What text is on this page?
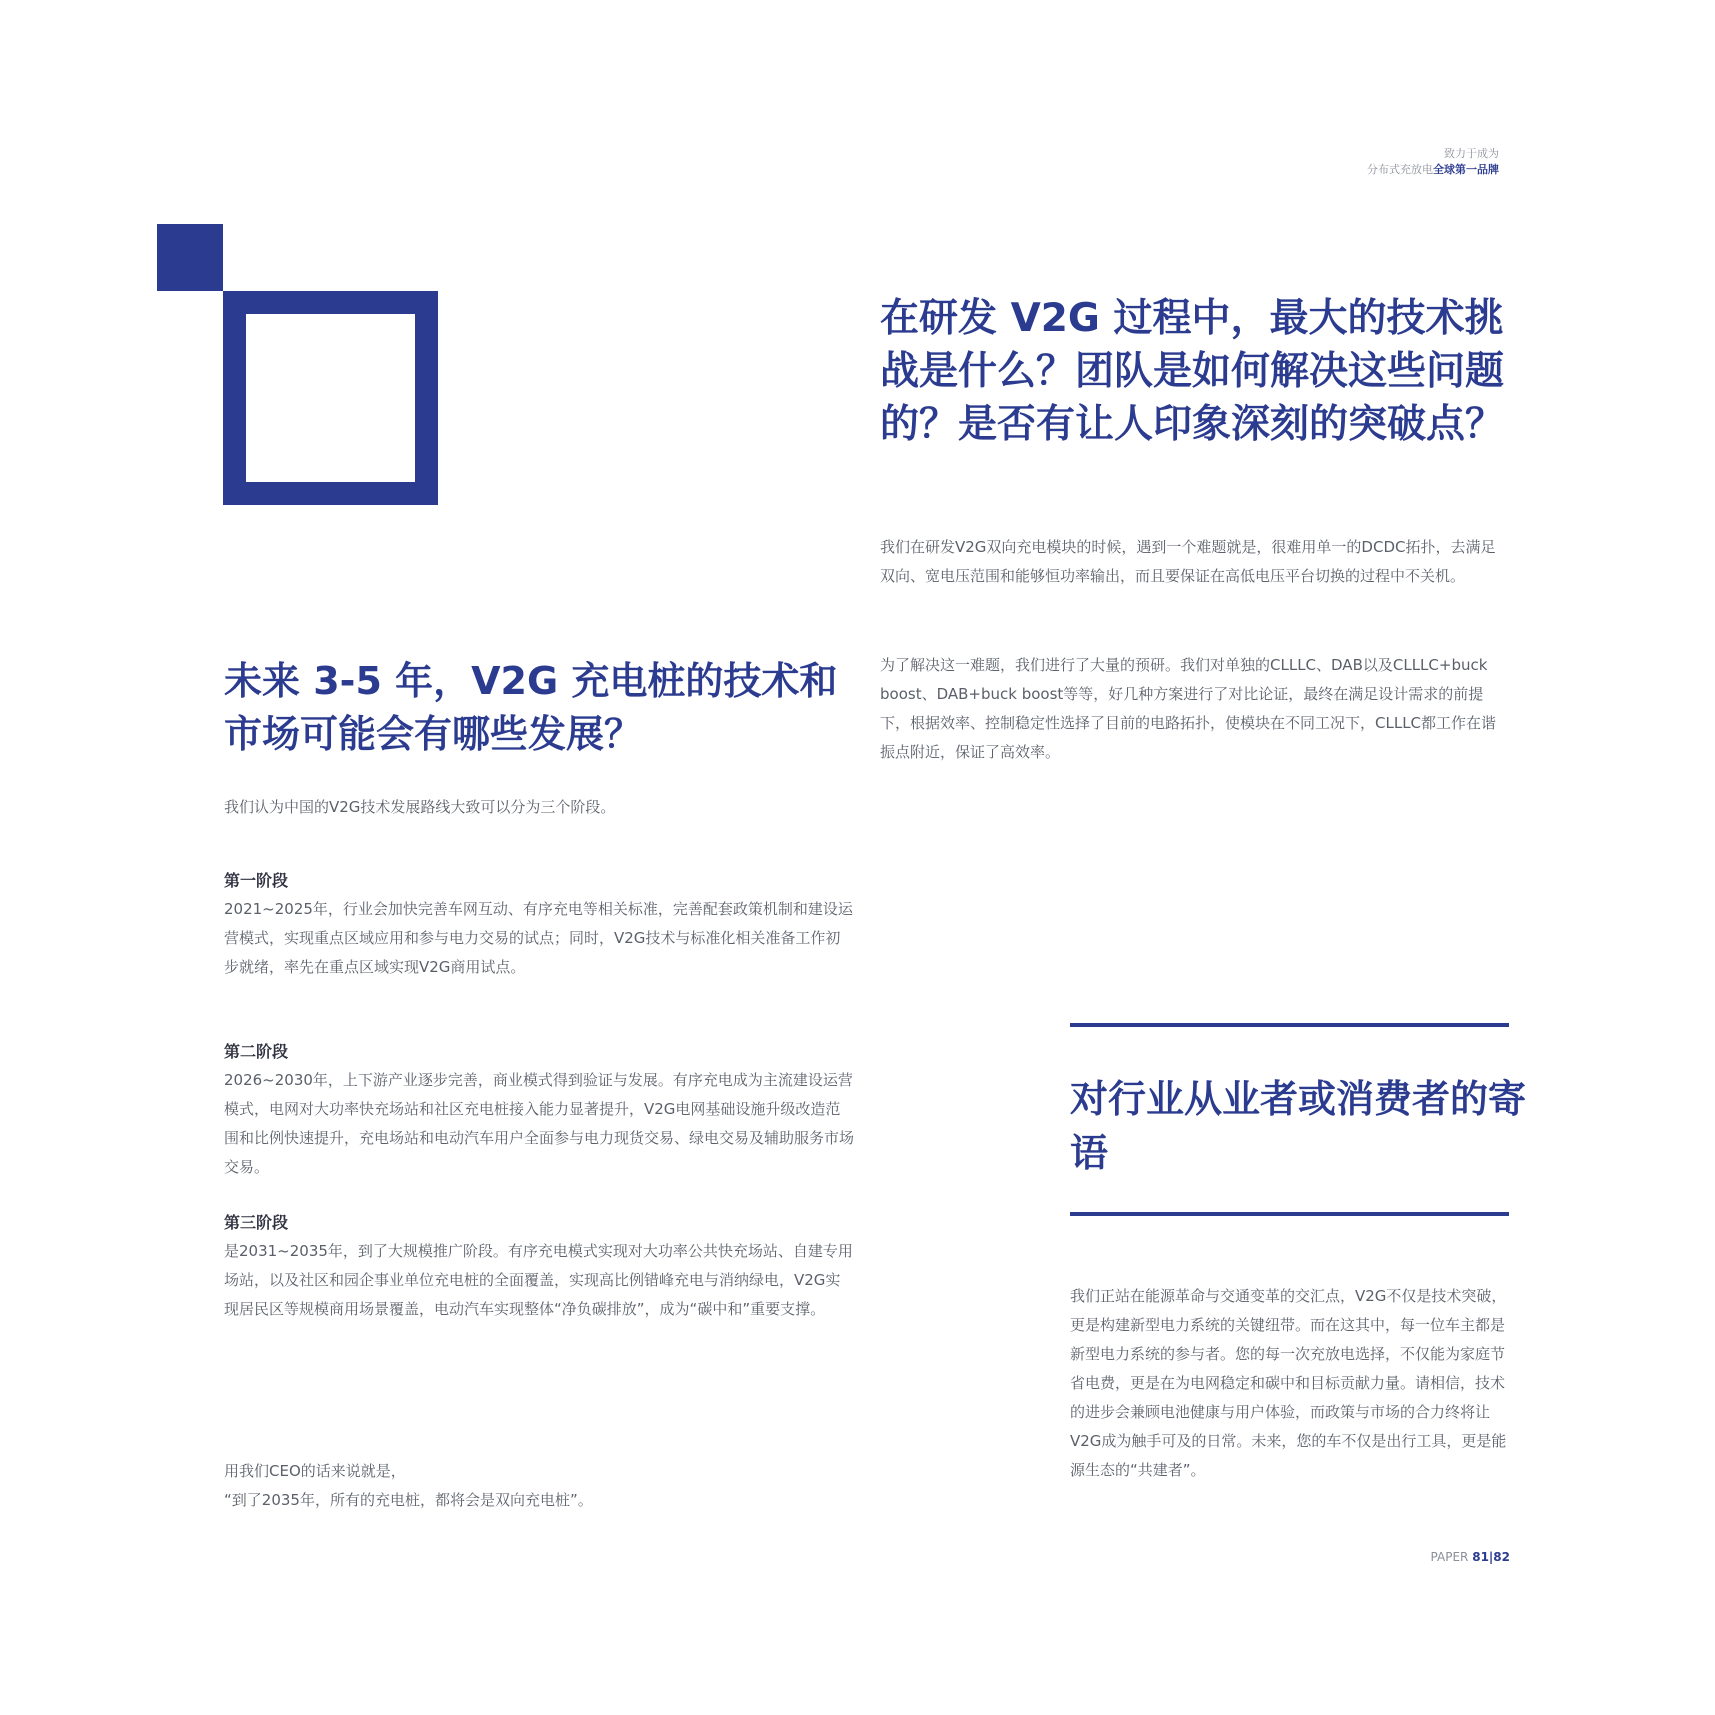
致力于成为
分布式充放电全球第一品牌
在研发 V2G 过程中，最大的技术挑战是什么？团队是如何解决这些问题的？是否有让人印象深刻的突破点？
我们在研发V2G双向充电模块的时候，遇到一个难题就是，很难用单一的DCDC拓扑，去满足双向、宽电压范围和能够恒功率输出，而且要保证在高低电压平台切换的过程中不关机。
为了解决这一难题，我们进行了大量的预研。我们对单独的CLLLC、DAB以及CLLLC+buck boost、DAB+buck boost等等，好几种方案进行了对比论证，最终在满足设计需求的前提下，根据效率、控制稳定性选择了目前的电路拓扑，使模块在不同工况下，CLLLC都工作在谐振点附近，保证了高效率。
未来 3-5 年，V2G 充电桩的技术和市场可能会有哪些发展？
我们认为中国的V2G技术发展路线大致可以分为三个阶段。
第一阶段
2021~2025年，行业会加快完善车网互动、有序充电等相关标准，完善配套政策机制和建设运营模式，实现重点区域应用和参与电力交易的试点；同时，V2G技术与标准化相关准备工作初步就绪，率先在重点区域实现V2G商用试点。
第二阶段
2026~2030年，上下游产业逐步完善，商业模式得到验证与发展。有序充电成为主流建设运营模式，电网对大功率快充场站和社区充电桩接入能力显著提升，V2G电网基础设施升级改造范围和比例快速提升，充电场站和电动汽车用户全面参与电力现货交易、绿电交易及辅助服务市场交易。
第三阶段
是2031~2035年，到了大规模推广阶段。有序充电模式实现对大功率公共快充场站、自建专用场站，以及社区和园企事业单位充电桩的全面覆盖，实现高比例错峰充电与消纳绿电，V2G实现居民区等规模商用场景覆盖，电动汽车实现整体“净负碳排放”，成为“碳中和”重要支撑。
用我们CEO的话来说就是，
“到了2035年，所有的充电桩，都将会是双向充电桩”。
对行业从业者或消费者的寄语
我们正站在能源革命与交通变革的交汇点，V2G不仅是技术突破，更是构建新型电力系统的关键纽带。而在这其中，每一位车主都是新型电力系统的参与者。您的每一次充放电选择，不仅能为家庭节省电费，更是在为电网稳定和碳中和目标贡献力量。请相信，技术的进步会兼顾电池健康与用户体验，而政策与市场的合力终将让V2G成为触手可及的日常。未来，您的车不仅是出行工具，更是能源生态的“共建者”。
PAPER 81|82
